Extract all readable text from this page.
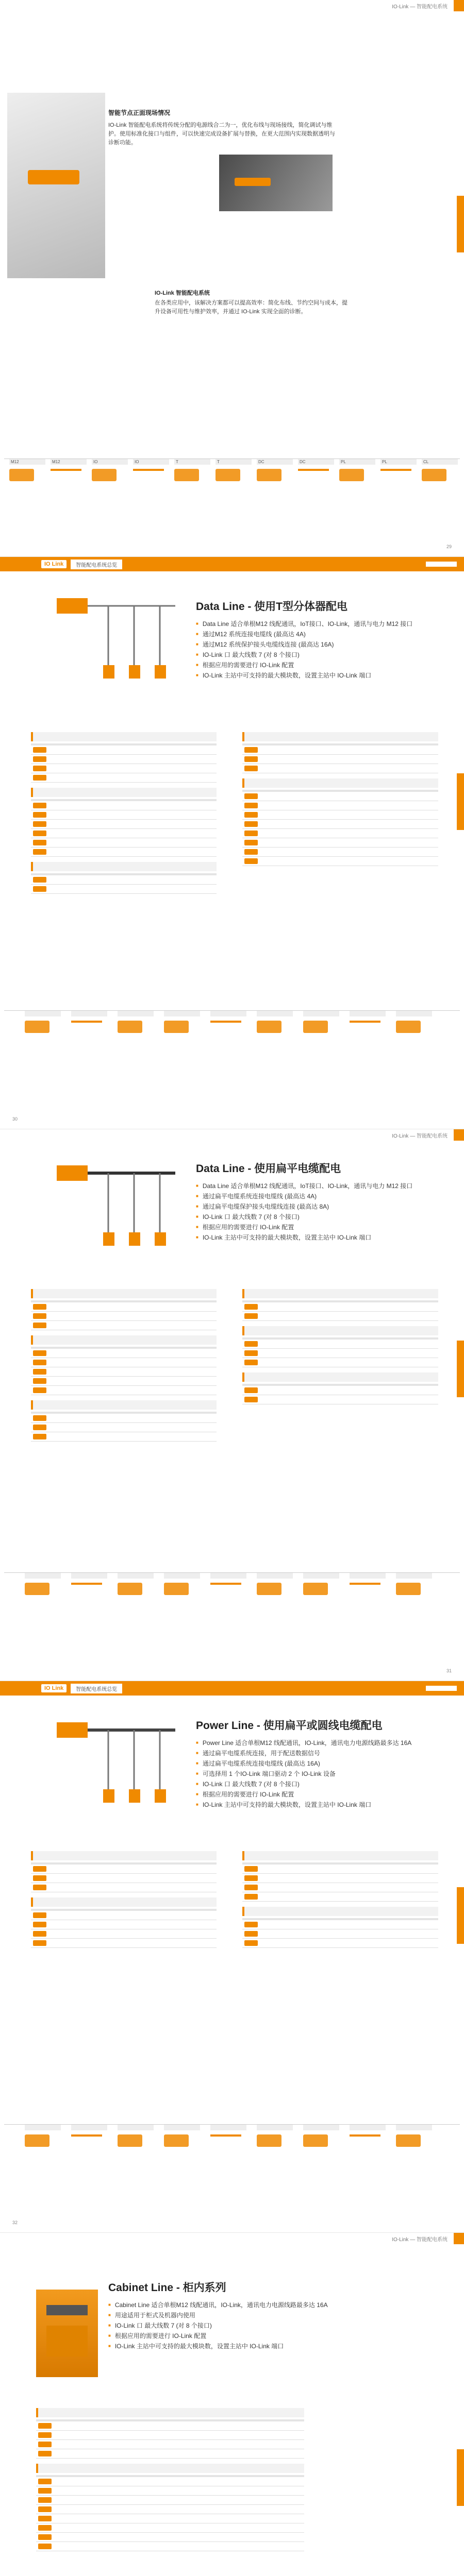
IO-Link — 智能配电系统
智能节点正面现场情况
IO-Link 智能配电系统将传统分配的电源线合二为一，优化布线与现场接线，简化调试与维护。使用标准化接口与组件，可以快速完成设备扩展与替换，在更大范围内实现数据透明与诊断功能。
IO-Link 智能配电系统
在各类应用中，该解决方案都可以提高效率：简化布线、节约空间与成本，提升设备可用性与维护效率，并通过 IO-Link 实现全面的诊断。
M12	M12	IO	IO	T	T	DC	DC	PL	PL	CL
29
IO Link	智能配电系统总览
Data Line - 使用T型分体器配电
■ Data Line 适合单根M12 线配通讯，IoT接口、IO-Link，通讯与电力 M12 接口
■ 通过M12 系统连接电缆线 (最高达 4A)
■ 通过M12 系统保护接头电缆线连接 (最高达 16A)
■ IO-Link 口 最大线数 7 (对 8 个接口)
■ 根据应用的需要进行 IO-Link 配置
■ IO-Link 主站中可支持的最大模块数，设置主站中 IO-Link 端口

30
IO-Link — 智能配电系统
Data Line - 使用扁平电缆配电
■ Data Line 适合单根M12 线配通讯，IoT接口、IO-Link，通讯与电力 M12 接口
■ 通过扁平电缆系统连接电缆线 (最高达 4A)
■ 通过扁平电缆保护接头电缆线连接 (最高达 8A)
■ IO-Link 口 最大线数 7 (对 8 个接口)
■ 根据应用的需要进行 IO-Link 配置
■ IO-Link 主站中可支持的最大模块数，设置主站中 IO-Link 端口

31
IO Link	智能配电系统总览
Power Line - 使用扁平或圆线电缆配电
■ Power Line 适合单根M12 线配通讯，IO-Link，通讯电力电源线路最多达 16A
■ 通过扁平电缆系统连接，用于配送数据信号
■ 通过扁平电缆系统连接电缆线 (最高达 16A)
■ 可选择用 1 个IO-Link 端口驱动 2 个 IO-Link 设备
■ IO-Link 口 最大线数 7 (对 8 个接口)
■ 根据应用的需要进行 IO-Link 配置
■ IO-Link 主站中可支持的最大模块数，设置主站中 IO-Link 端口

32
IO-Link — 智能配电系统
Cabinet Line - 柜内系列
■ Cabinet Line 适合单根M12 线配通讯，IO-Link，通讯电力电源线路最多达 16A
■ 用途适用于柜式及机器内使用
■ IO-Link 口 最大线数 7 (对 8 个接口)
■ 根据应用的需要进行 IO-Link 配置
■ IO-Link 主站中可支持的最大模块数，设置主站中 IO-Link 端口
